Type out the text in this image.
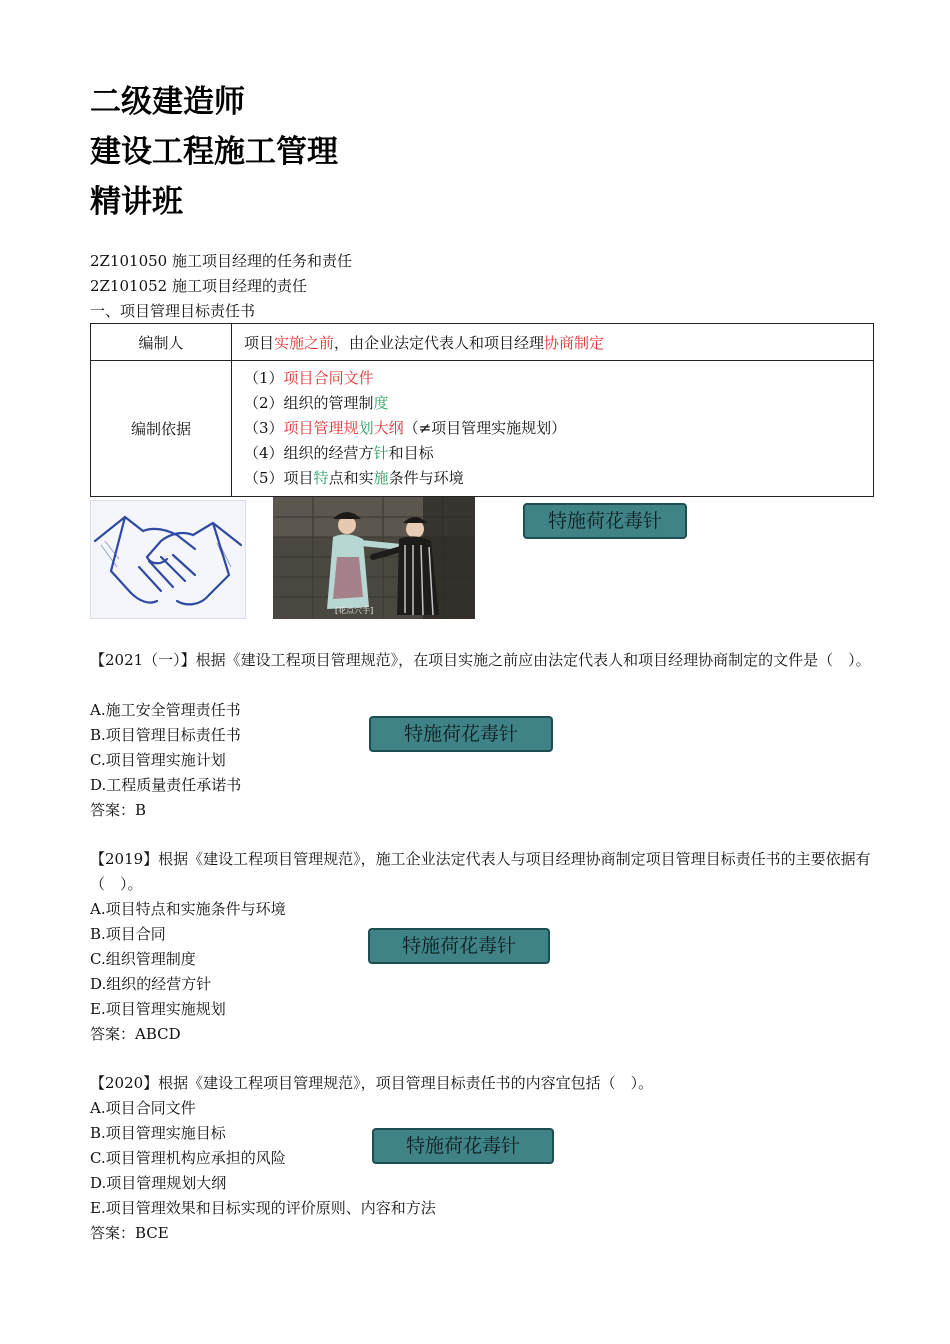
二级建造师
建设工程施工管理
精讲班
2Z101050 施工项目经理的任务和责任
2Z101052 施工项目经理的责任
一、项目管理目标责任书
编制人	项目实施之前，由企业法定代表人和项目经理协商制定
编制依据	（1）项目合同文件
（2）组织的管理制度
（3）项目管理规划大纲（≠项目管理实施规划）
（4）组织的经营方针和目标
（5）项目特点和实施条件与环境
[花点穴手]
特施荷花毒针
特施荷花毒针
特施荷花毒针
特施荷花毒针
【2021（一）】根据《建设工程项目管理规范》，在项目实施之前应由法定代表人和项目经理协商制定的文件是（　）。
A.施工安全管理责任书
B.项目管理目标责任书
C.项目管理实施计划
D.工程质量责任承诺书
答案：B
【2019】根据《建设工程项目管理规范》，施工企业法定代表人与项目经理协商制定项目管理目标责任书的主要依据有（　）。
A.项目特点和实施条件与环境
B.项目合同
C.组织管理制度
D.组织的经营方针
E.项目管理实施规划
答案：ABCD
【2020】根据《建设工程项目管理规范》，项目管理目标责任书的内容宜包括（　）。
A.项目合同文件
B.项目管理实施目标
C.项目管理机构应承担的风险
D.项目管理规划大纲
E.项目管理效果和目标实现的评价原则、内容和方法
答案：BCE
